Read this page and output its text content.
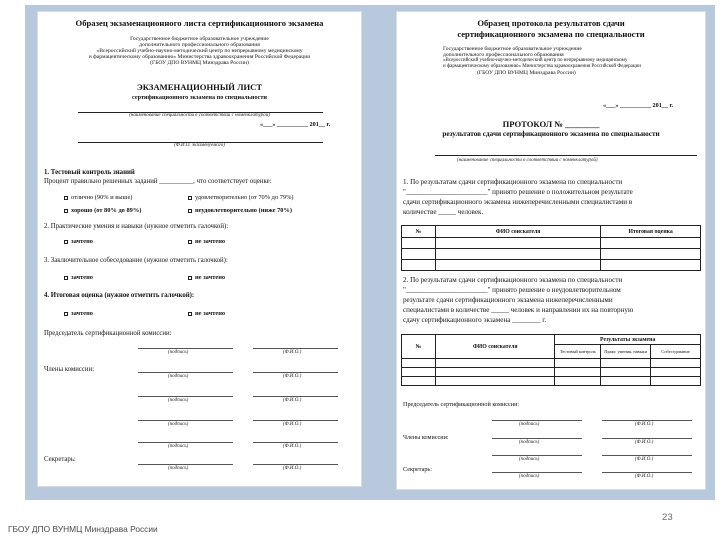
Образец экзаменационного листа сертификационного экзамена
Государственное бюджетное образовательное учреждение
дополнительного профессионального образования
«Всероссийский учебно-научно-методический центр по непрерывному медицинскому
и фармацевтическому образованию» Министерства здравоохранения Российской Федерации
(ГБОУ ДПО ВУНМЦ Минздрава России)
ЭКЗАМЕНАЦИОННЫЙ ЛИСТ
сертификационного экзамена по специальности
(наименование специальности в соответствии с номенклатурой)
«___» __________ 201__ г.
(Ф.И.О. экзаменуемого)
1. Тестовый контроль знаний
Процент правильно решенных заданий __________, что соответствует оценке:
отлично (90% и выше)	удовлетворительно (от 70% до 79%)
хорошо (от 80% до 89%)	неудовлетворительно (ниже 70%)
2. Практические умения и навыки (нужное отметить галочкой):
зачтено	не зачтено
3. Заключительное собеседование (нужное отметить галочкой):
зачтено	не зачтено
4. Итоговая оценка (нужное отметить галочкой):
зачтено	не зачтено
Председатель сертификационной комиссии:
(подпись)	(Ф.И.О.)
Члены комиссии:
(подпись)	(Ф.И.О.)
(подпись)	(Ф.И.О.)
(подпись)	(Ф.И.О.)
(подпись)	(Ф.И.О.)
Секретарь:
(подпись)	(Ф.И.О.)
Образец протокола результатов сдачи
сертификационного экзамена по специальности
Государственное бюджетное образовательное учреждение
дополнительного профессионального образования
«Всероссийский учебно-научно-методический центр по непрерывному медицинскому
и фармацевтическому образованию» Министерства здравоохранения Российской Федерации
(ГБОУ ДПО ВУНМЦ Минздрава России)
«___» __________ 201__ г.
ПРОТОКОЛ № ________
результатов сдачи сертификационного экзамена по специальности
(наименование специальности в соответствии с номенклатурой)
1. По результатам сдачи сертификационного экзамена по специальности
"_______________________" принято решение о положительном результате
сдачи сертификационного экзамена нижеперечисленными специалистами в
количестве _____ человек.
№	ФИО соискателя	Итоговая оценка

2. По результатам сдачи сертификационного экзамена по специальности
"_______________________" принято решение о неудовлетворительном
результате сдачи сертификационного экзамена нижеперечисленными
специалистами в количестве _____ человек и направлении их на повторную
сдачу сертификационного экзамена ________ г.
№	ФИО соискателя	Результаты экзамена		
		Тестовый контроль	Практ. умения, навыки	Собеседование

Председатель сертификационной комиссии:
(подпись)	(Ф.И.О.)
Члены комиссии:
(подпись)	(Ф.И.О.)
(подпись)	(Ф.И.О.)
Секретарь:
(подпись)	(Ф.И.О.)
23
ГБОУ ДПО ВУНМЦ Минздрава России
